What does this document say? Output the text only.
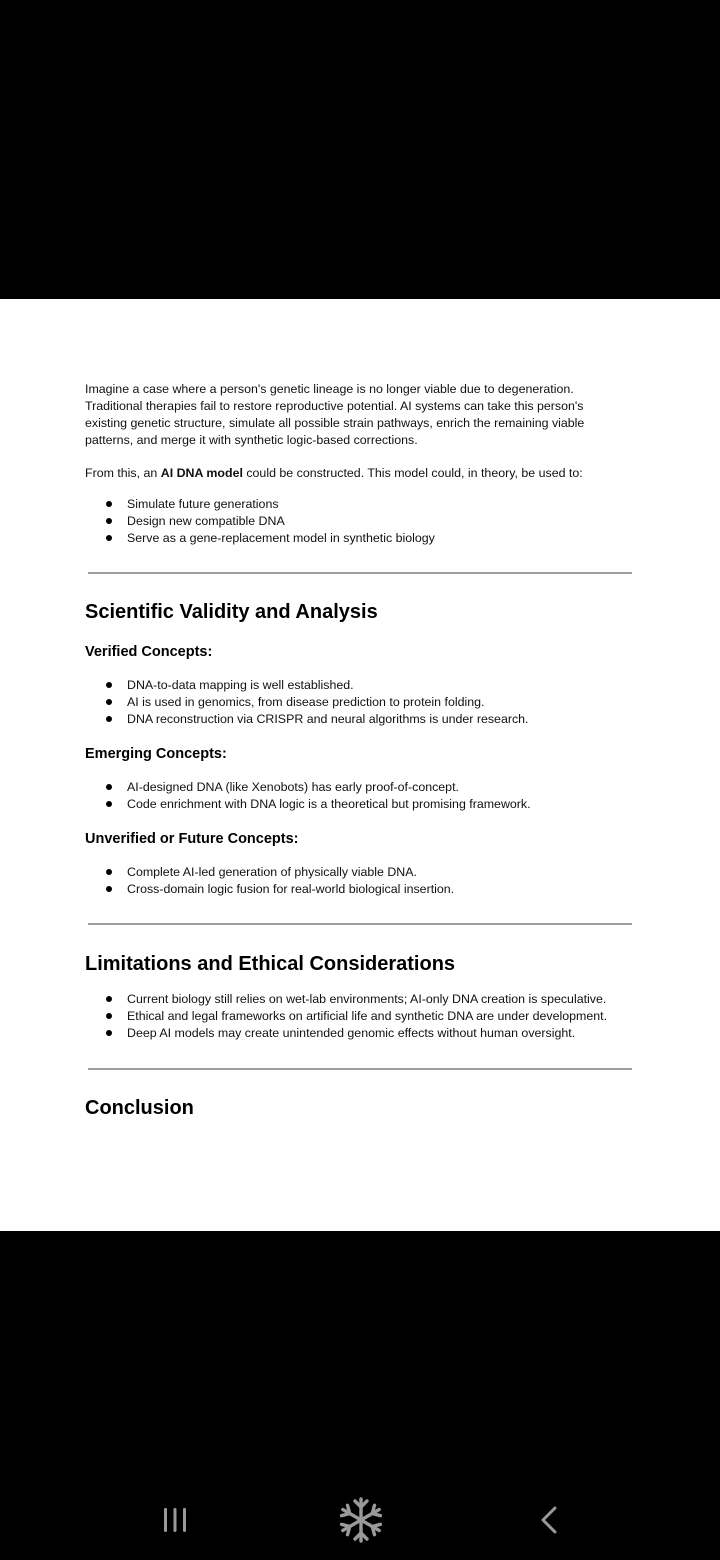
Imagine a case where a person's genetic lineage is no longer viable due to degeneration.
Traditional therapies fail to restore reproductive potential. AI systems can take this person's
existing genetic structure, simulate all possible strain pathways, enrich the remaining viable
patterns, and merge it with synthetic logic-based corrections.
From this, an AI DNA model could be constructed. This model could, in theory, be used to:
Simulate future generations
Design new compatible DNA
Serve as a gene-replacement model in synthetic biology
Scientific Validity and Analysis
Verified Concepts:
DNA-to-data mapping is well established.
AI is used in genomics, from disease prediction to protein folding.
DNA reconstruction via CRISPR and neural algorithms is under research.
Emerging Concepts:
AI-designed DNA (like Xenobots) has early proof-of-concept.
Code enrichment with DNA logic is a theoretical but promising framework.
Unverified or Future Concepts:
Complete AI-led generation of physically viable DNA.
Cross-domain logic fusion for real-world biological insertion.
Limitations and Ethical Considerations
Current biology still relies on wet-lab environments; AI-only DNA creation is speculative.
Ethical and legal frameworks on artificial life and synthetic DNA are under development.
Deep AI models may create unintended genomic effects without human oversight.
Conclusion
